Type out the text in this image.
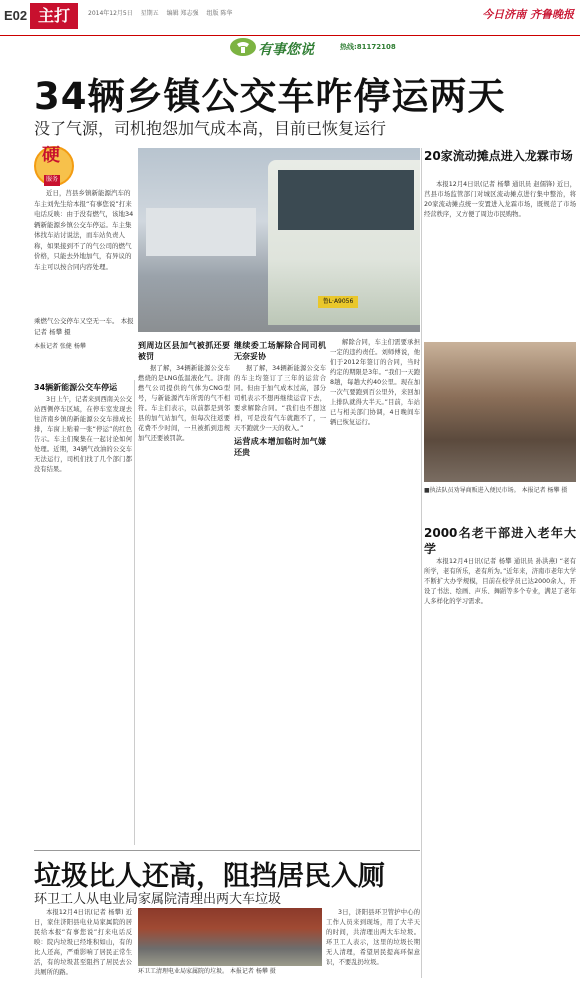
E02 主打	2014年12月5日 星期五 编辑 郑志强 组版 陈华	今日济南 齐鲁晚报
有事您说	热线:81172108
34辆乡镇公交车咋停运两天
没了气源，司机抱怨加气成本高，目前已恢复运行
硬
服务

近日，莒县乡镇新能源汽车的车主刘先生给本报“有事您说”打来电话反映：由于没有燃气，该地34辆新能源乡镇公交车停运。车主集体找车站讨说法，而车站负责人称，如果接到不了的气公司的燃气价格，只能去外地加气，有异议的车主可以按合同内容处理。

乘燃气公交停车又空无一车。 本报记者 杨攀 摄
本报记者 张健 杨攀
鲁L·A9056

34辆新能源公交车停运

3日上午，记者来到西南关公交站西侧停车区域，在停车室发现去往济南乡镇的新能源公交车排成长排，车窗上贴着一张“停运”的红色告示。车主们聚集在一起讨论如何处理。近期，34辆气改油的公交车无法运行，司机们找了几个部门都没有结果。

到周边区县加气被抓还要被罚

据了解，34辆新能源公交车燃烧的是LNG低温液化气。济南燃气公司提供的气体为CNG型号，与新能源汽车所需的气不相符。车主们表示，以前都是到邻县的加气站加气，但每次往返要花费不少时间，一旦被抓到违规加气还要被罚款。

继续委工场解除合同司机无奈妥协

据了解，34辆新能源公交车的车主均签订了三年的运营合同。但由于加气成本过高，部分司机表示不想再继续运营下去，要求解除合同。“我们也不想这样，可是没有气车就跑不了，一天不跑就少一天的收入。”

运营成本增加临时加气嫌还贵

解除合同，车主们需要承担一定的违约责任。刘师傅说，他们于2012年签订的合同，当时约定的期限是3年。“我们一天跑8趟，每趟大约40公里。现在加一次气要跑到百公里外，来回加上排队就得大半天。”目前，车站已与相关部门协调，4日晚间车辆已恢复运行。

20家流动摊点进入龙霖市场

本报12月4日讯(记者 杨攀 通讯员 赵儒锋) 近日，莒县市场监管部门对城区流动摊点进行集中整治，将20家流动摊点统一安置进入龙霖市场，既规范了市场经营秩序，又方便了周边市民购物。

■执法队员劝导商贩进入便民市场。 本报记者 杨攀 摄
2000名老干部进入老年大学

本报12月4日讯(记者 杨攀 通讯员 孙洪燕) “老有所学，老有所乐，老有所为。”近年来，济南市老年大学不断扩大办学规模，目前在校学员已达2000余人，开设了书法、绘画、声乐、舞蹈等多个专业，满足了老年人多样化的学习需求。

垃圾比人还高，阻挡居民入厕
环卫工人从电业局家属院清理出两大车垃圾

本报12月4日讯(记者 杨攀) 近日，家住济阳县电业局家属院的居民给本报“有事您说”打来电话反映：院内垃圾已经堆积如山，有的比人还高，严重影响了居民正常生活，有的垃圾甚至阻挡了居民去公共厕所的路。	环卫工清理电业局家属院的垃圾。 本报记者 杨攀 摄

3日，济阳县环卫管护中心的工作人员来到现场，用了大半天的时间，共清理出两大车垃圾。环卫工人表示，这里的垃圾长期无人清理，希望居民提高环保意识，不要乱扔垃圾。
